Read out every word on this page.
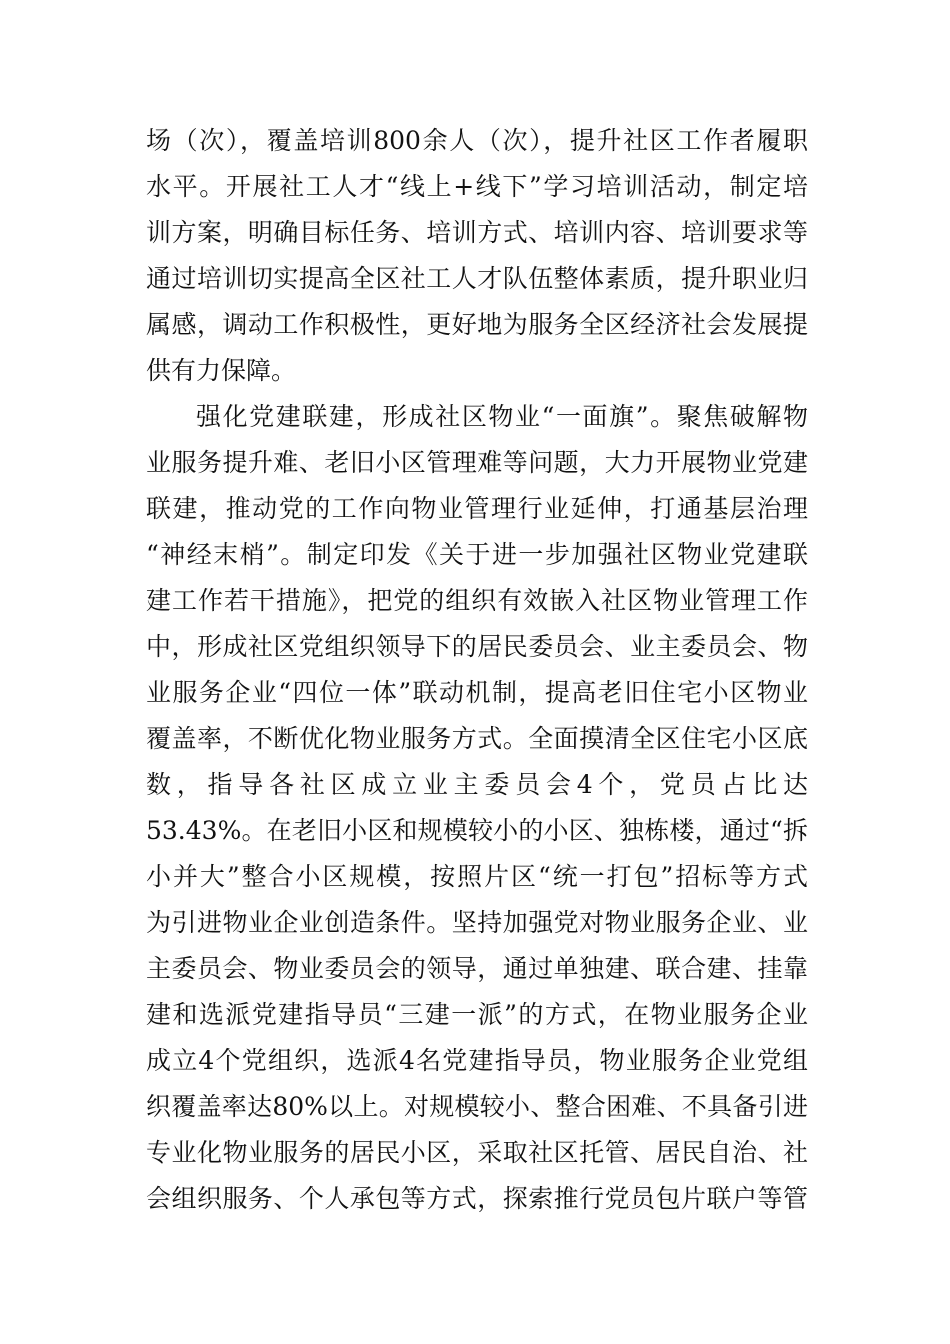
场（次），覆盖培训800余人（次），提升社区工作者履职
水平。开展社工人才“线上+线下”学习培训活动，制定培
训方案，明确目标任务、培训方式、培训内容、培训要求等
通过培训切实提高全区社工人才队伍整体素质，提升职业归
属感，调动工作积极性，更好地为服务全区经济社会发展提
供有力保障。
强化党建联建，形成社区物业“一面旗”。聚焦破解物
业服务提升难、老旧小区管理难等问题，大力开展物业党建
联建，推动党的工作向物业管理行业延伸，打通基层治理
“神经末梢”。制定印发《关于进一步加强社区物业党建联
建工作若干措施》，把党的组织有效嵌入社区物业管理工作
中，形成社区党组织领导下的居民委员会、业主委员会、物
业服务企业“四位一体”联动机制，提高老旧住宅小区物业
覆盖率，不断优化物业服务方式。全面摸清全区住宅小区底
数，指导各社区成立业主委员会4个，党员占比达
53.43%。在老旧小区和规模较小的小区、独栋楼，通过“拆
小并大”整合小区规模，按照片区“统一打包”招标等方式
为引进物业企业创造条件。坚持加强党对物业服务企业、业
主委员会、物业委员会的领导，通过单独建、联合建、挂靠
建和选派党建指导员“三建一派”的方式，在物业服务企业
成立4个党组织，选派4名党建指导员，物业服务企业党组
织覆盖率达80%以上。对规模较小、整合困难、不具备引进
专业化物业服务的居民小区，采取社区托管、居民自治、社
会组织服务、个人承包等方式，探索推行党员包片联户等管
